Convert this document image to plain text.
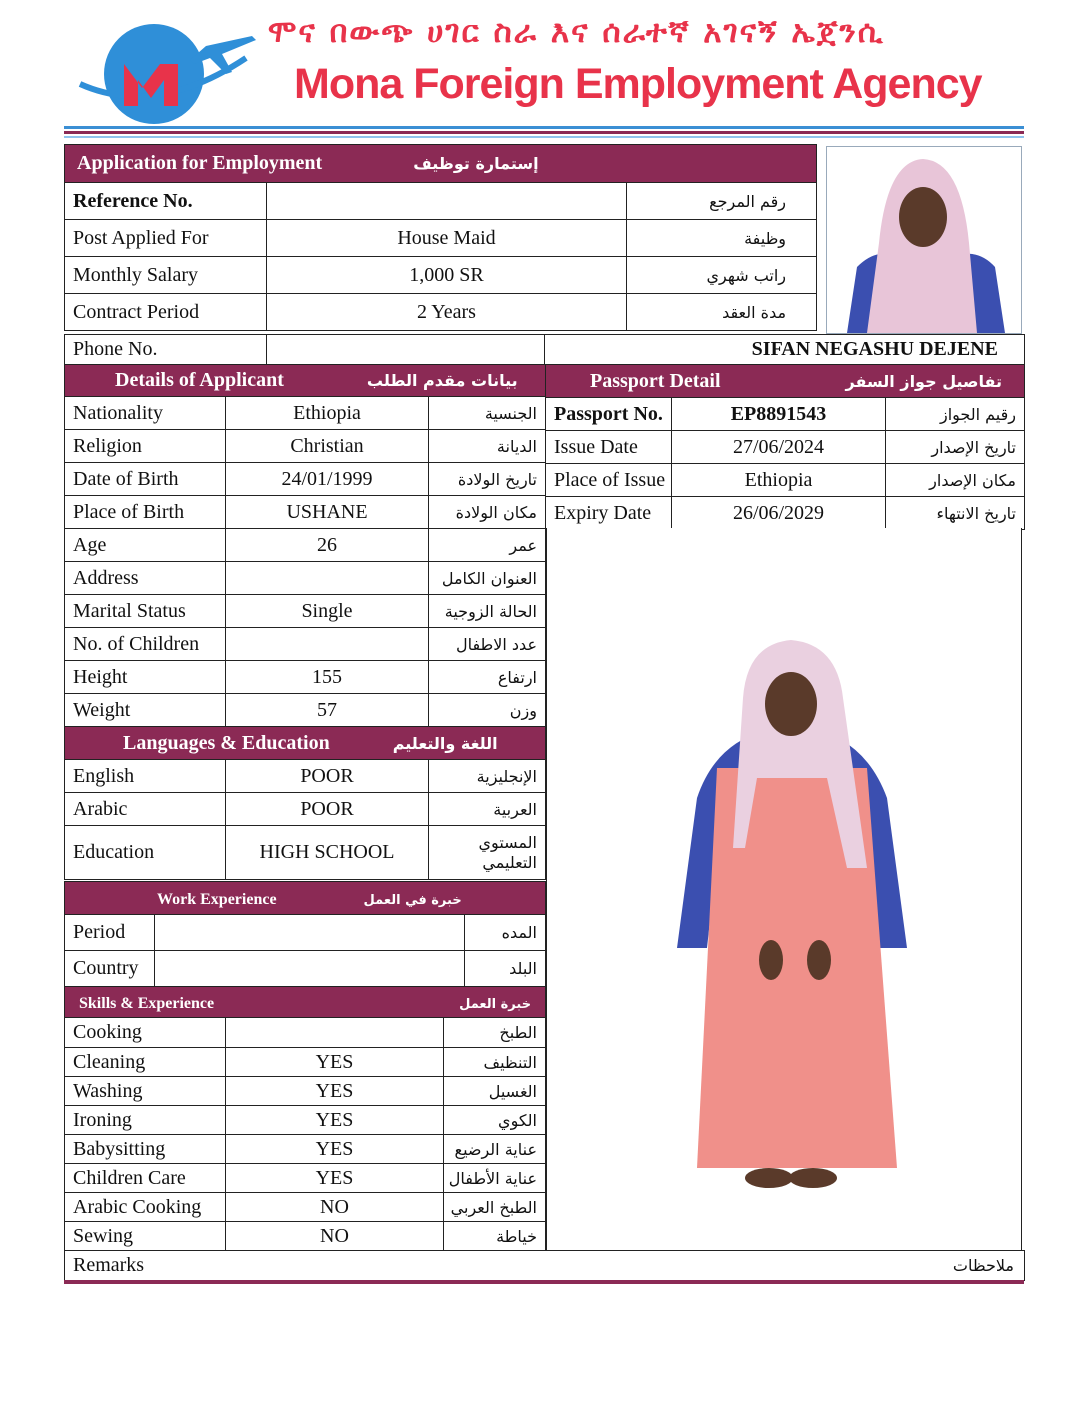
ሞና በውጭ ሀገር ስራ እና ሰራተኛ አገናኝ ኤጀንሲ
Mona Foreign Employment Agency
Application for Employment إستمارة توظيف		
Reference No.		رقم المرجع
Post Applied For	House Maid	وظيفة
Monthly Salary	1,000 SR	راتب شهري
Contract Period	2 Years	مدة العقد
Phone No.		SIFAN NEGASHU DEJENE
Details of Applicant بيانات مقدم الطلب		
Nationality	Ethiopia	الجنسية
Religion	Christian	الديانة
Date of Birth	24/01/1999	تاريخ الولادة
Place of Birth	USHANE	مكان الولادة
Age	26	عمر
Address		العنوان الكامل
Marital Status	Single	الحالة الزوجية
No. of Children		عدد الاطفال
Height	155	ارتفاع
Weight	57	وزن
Languages & Education اللغة والتعليم		
English	POOR	الإنجليزية
Arabic	POOR	العربية
Education	HIGH SCHOOL	المستوي التعليمي
Work Experience خبرة في العمل		
Period		المده
Country		البلد
Skills & Experience خبرة العمل		
Cooking		الطبخ
Cleaning	YES	التنظيف
Washing	YES	الغسيل
Ironing	YES	الكوي
Babysitting	YES	عناية الرضيع
Children Care	YES	عناية الأطفال
Arabic Cooking	NO	الطبخ العربي
Sewing	NO	خياطة
Passport Detail تفاصيل جواز السفر		
Passport No.	EP8891543	رقيم الجواز
Issue Date	27/06/2024	تاريخ الإصدار
Place of Issue	Ethiopia	مكان الإصدار
Expiry Date	26/06/2029	تاريخ الانتهاء
Remarks	ملاحظات
